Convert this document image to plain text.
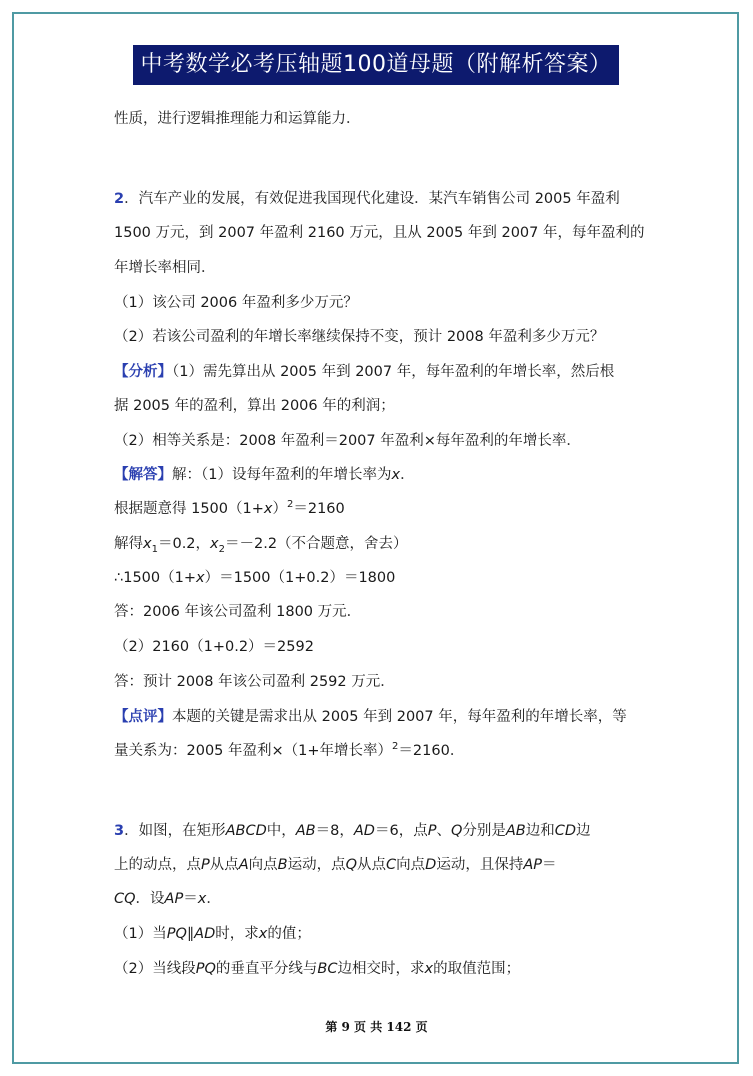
中考数学必考压轴题100道母题（附解析答案）
性质，进行逻辑推理能力和运算能力．
2．汽车产业的发展，有效促进我国现代化建设．某汽车销售公司 2005 年盈利
1500 万元，到 2007 年盈利 2160 万元，且从 2005 年到 2007 年，每年盈利的
年增长率相同．
（1）该公司 2006 年盈利多少万元？
（2）若该公司盈利的年增长率继续保持不变，预计 2008 年盈利多少万元？
【分析】（1）需先算出从 2005 年到 2007 年，每年盈利的年增长率，然后根
据 2005 年的盈利，算出 2006 年的利润；
（2）相等关系是：2008 年盈利＝2007 年盈利×每年盈利的年增长率．
【解答】解：（1）设每年盈利的年增长率为x．
根据题意得 $1500(1+x)^2=2160$
解得$x_1=0.2$，$x_2=-2.2$（不合题意，舍去）
∴1500（1+x）＝1500（1+0.2）＝1800
答：2006 年该公司盈利 1800 万元．
（2）2160（1+0.2）＝2592
答：预计 2008 年该公司盈利 2592 万元．
【点评】本题的关键是需求出从 2005 年到 2007 年，每年盈利的年增长率，等
量关系为：2005 年盈利×（1+年增长率）$^2$＝2160．
3．如图，在矩形ABCD中，AB＝8，AD＝6，点P、Q分别是AB边和CD边
上的动点，点P从点A向点B运动，点Q从点C向点D运动，且保持AP＝
CQ．设AP＝x．
（1）当PQ∥AD时，求x的值；
（2）当线段PQ的垂直平分线与BC边相交时，求x的取值范围；
第 9 页 共 142 页
